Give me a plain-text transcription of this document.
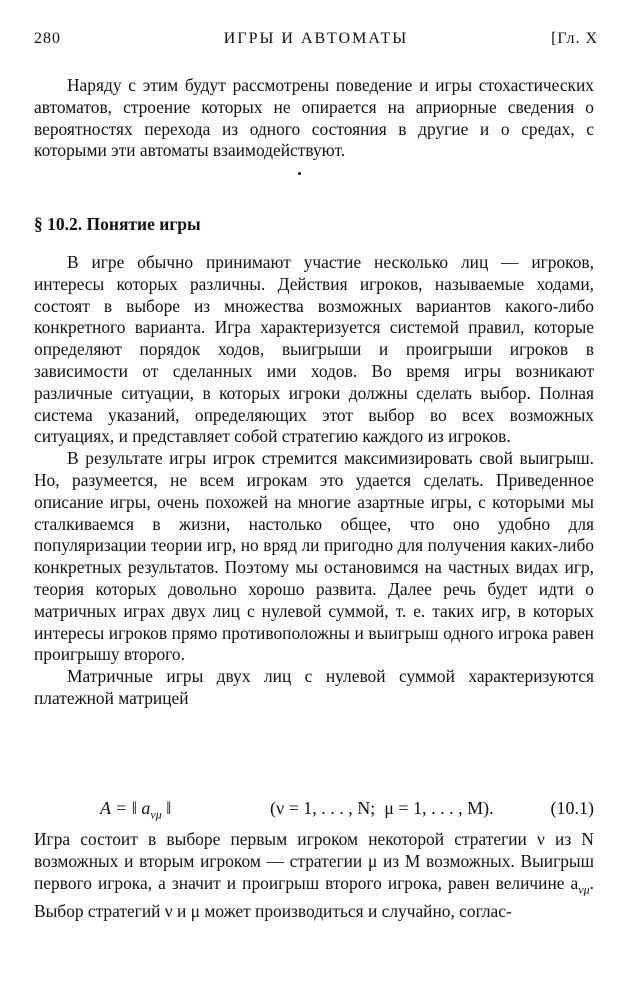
280	ИГРЫ И АВТОМАТЫ	[Гл. X

Наряду с этим будут рассмотрены поведение и игры стохастических автоматов, строение которых не опирается на априорные сведения о вероятностях перехода из одного состояния в другие и о средах, с которыми эти автоматы взаимодействуют.

§ 10.2. Понятие игры

В игре обычно принимают участие несколько лиц — игроков, интересы которых различны. Действия игроков, называемые ходами, состоят в выборе из множества возможных вариантов какого-либо конкретного варианта. Игра характеризуется системой правил, которые определяют порядок ходов, выигрыши и проигрыши игроков в зависимости от сделанных ими ходов. Во время игры возникают различные ситуации, в которых игроки должны сделать выбор. Полная система указаний, определяющих этот выбор во всех возможных ситуациях, и представляет собой стратегию каждого из игроков.

В результате игры игрок стремится максимизировать свой выигрыш. Но, разумеется, не всем игрокам это удается сделать. Приведенное описание игры, очень похожей на многие азартные игры, с которыми мы сталкиваемся в жизни, настолько общее, что оно удобно для популяризации теории игр, но вряд ли пригодно для получения каких-либо конкретных результатов. Поэтому мы остановимся на частных видах игр, теория которых довольно хорошо развита. Далее речь будет идти о матричных играх двух лиц с нулевой суммой, т. е. таких игр, в которых интересы игроков прямо противоположны и выигрыш одного игрока равен проигрышу второго.

Матричные игры двух лиц с нулевой суммой характеризуются платежной матрицей

A = ‖ $a_{\nu\mu}$ ‖

	(ν = 1, . . . , N;  μ = 1, . . . , M).

	(10.1)

Игра состоит в выборе первым игроком некоторой стратегии ν из N возможных и вторым игроком — стратегии μ из M возможных. Выигрыш первого игрока, а значит и проигрыш второго игрока, равен величине $a_{\nu\mu}$. Выбор стратегий ν и μ может производиться и случайно, соглас-
